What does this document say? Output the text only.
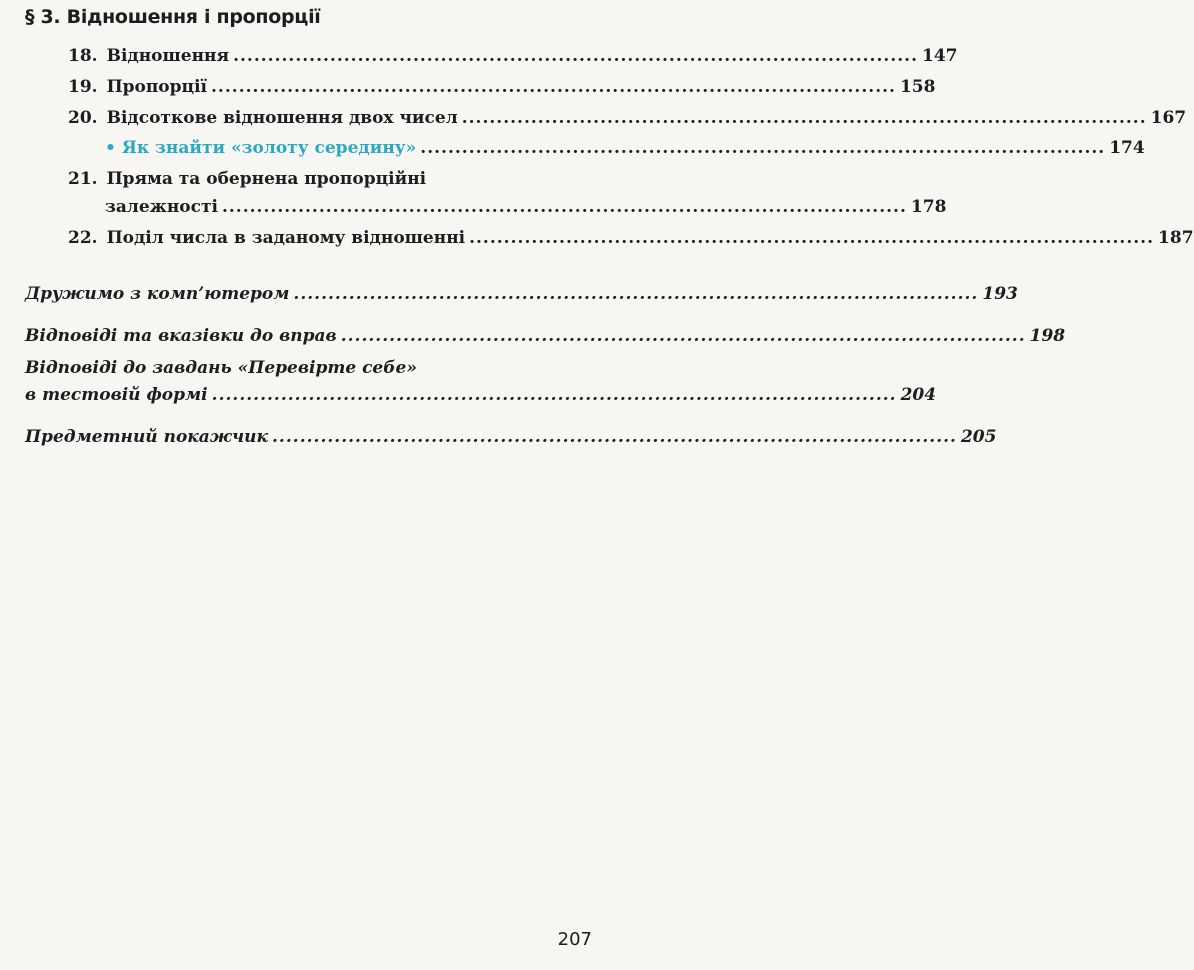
§ 3. Відношення і пропорції
18. Відношення ................................................................................................... 147
19. Пропорції ................................................................................................... 158
20. Відсоткове відношення двох чисел ................................................................................................... 167
• Як знайти «золоту середину» ................................................................................................... 174
21. Пряма та обернена пропорційні
залежності ................................................................................................... 178
22. Поділ числа в заданому відношенні ................................................................................................... 187
Дружимо з комп’ютером ................................................................................................... 193
Відповіді та вказівки до вправ ................................................................................................... 198
Відповіді до завдань «Перевірте себе»
в тестовій формі ................................................................................................... 204
Предметний покажчик ................................................................................................... 205
207
